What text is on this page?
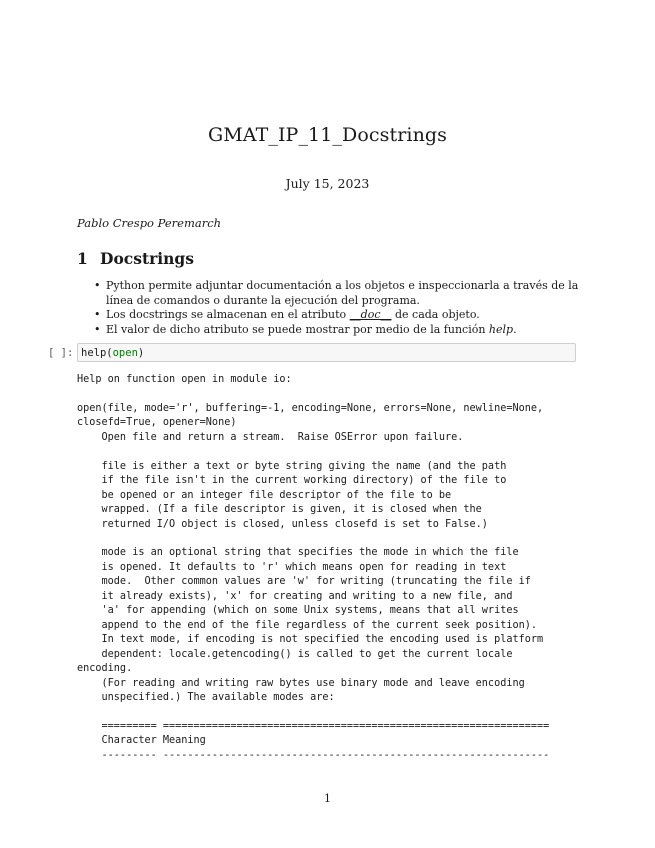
GMAT_IP_11_Docstrings
July 15, 2023
Pablo Crespo Peremarch
1 Docstrings
• Python permite adjuntar documentación a los objetos e inspeccionarla a través de la línea de comandos o durante la ejecución del programa.
• Los docstrings se almacenan en el atributo __doc__ de cada objeto.
• El valor de dicho atributo se puede mostrar por medio de la función help.
[ ]: help(open)
Help on function open in module io:

open(file, mode='r', buffering=-1, encoding=None, errors=None, newline=None,
closefd=True, opener=None)
Open file and return a stream.  Raise OSError upon failure.

file is either a text or byte string giving the name (and the path
if the file isn't in the current working directory) of the file to
be opened or an integer file descriptor of the file to be
wrapped. (If a file descriptor is given, it is closed when the
returned I/O object is closed, unless closefd is set to False.)

mode is an optional string that specifies the mode in which the file
is opened. It defaults to 'r' which means open for reading in text
mode.  Other common values are 'w' for writing (truncating the file if
it already exists), 'x' for creating and writing to a new file, and
'a' for appending (which on some Unix systems, means that all writes
append to the end of the file regardless of the current seek position).
In text mode, if encoding is not specified the encoding used is platform
dependent: locale.getencoding() is called to get the current locale
encoding.
(For reading and writing raw bytes use binary mode and leave encoding
unspecified.) The available modes are:

========= ===============================================================
Character Meaning
--------- ---------------------------------------------------------------
1
